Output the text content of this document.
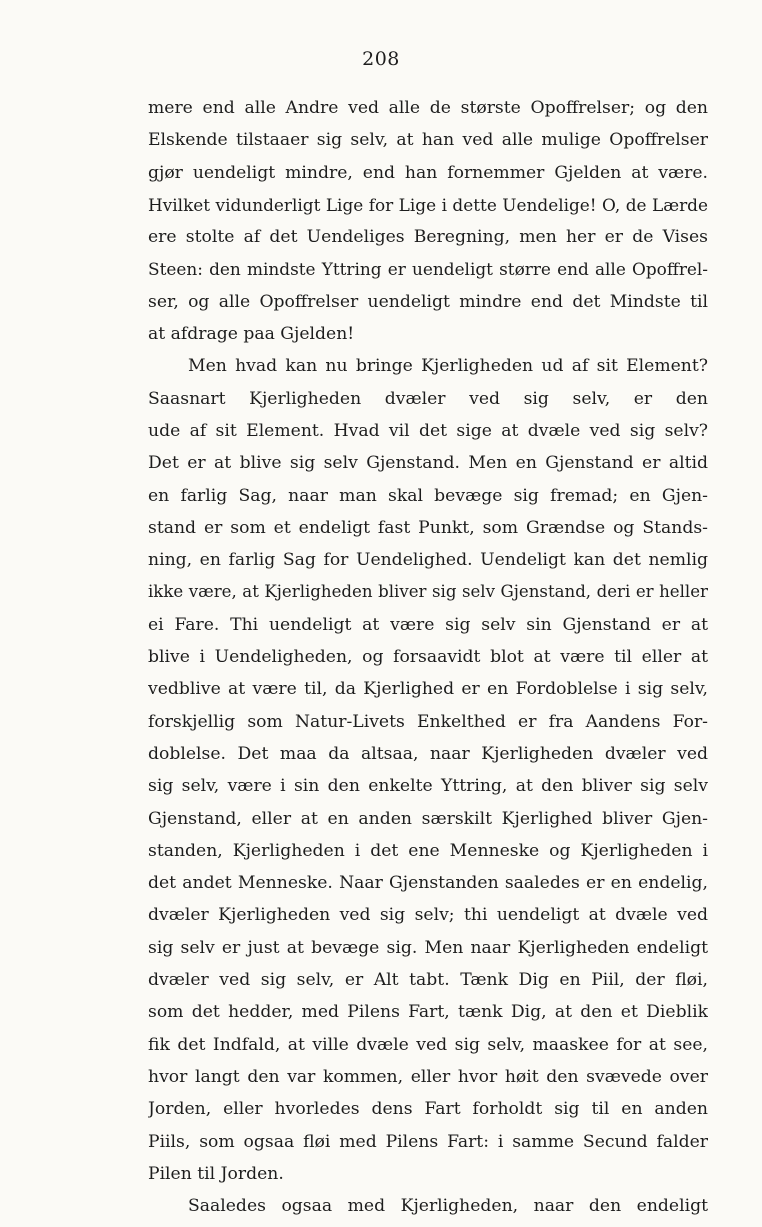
208
mere end alle Andre ved alle de største Opoffrelser; og den
Elskende tilstaaer sig selv, at han ved alle mulige Opoffrelser
gjør uendeligt mindre, end han fornemmer Gjelden at være.
Hvilket vidunderligt Lige for Lige i dette Uendelige! O, de Lærde
ere stolte af det Uendeliges Beregning, men her er de Vises
Steen: den mindste Yttring er uendeligt større end alle Opoffrel-
ser, og alle Opoffrelser uendeligt mindre end det Mindste til
at afdrage paa Gjelden!
Men hvad kan nu bringe Kjerligheden ud af sit Element?
Saasnart Kjerligheden dvæler ved sig selv, er den
ude af sit Element. Hvad vil det sige at dvæle ved sig selv?
Det er at blive sig selv Gjenstand. Men en Gjenstand er altid
en farlig Sag, naar man skal bevæge sig fremad; en Gjen-
stand er som et endeligt fast Punkt, som Grændse og Stands-
ning, en farlig Sag for Uendelighed. Uendeligt kan det nemlig
ikke være, at Kjerligheden bliver sig selv Gjenstand, deri er heller
ei Fare. Thi uendeligt at være sig selv sin Gjenstand er at
blive i Uendeligheden, og forsaavidt blot at være til eller at
vedblive at være til, da Kjerlighed er en Fordoblelse i sig selv,
forskjellig som Natur-Livets Enkelthed er fra Aandens For-
doblelse. Det maa da altsaa, naar Kjerligheden dvæler ved
sig selv, være i sin den enkelte Yttring, at den bliver sig selv
Gjenstand, eller at en anden særskilt Kjerlighed bliver Gjen-
standen, Kjerligheden i det ene Menneske og Kjerligheden i
det andet Menneske. Naar Gjenstanden saaledes er en endelig,
dvæler Kjerligheden ved sig selv; thi uendeligt at dvæle ved
sig selv er just at bevæge sig. Men naar Kjerligheden endeligt
dvæler ved sig selv, er Alt tabt. Tænk Dig en Piil, der fløi,
som det hedder, med Pilens Fart, tænk Dig, at den et Dieblik
fik det Indfald, at ville dvæle ved sig selv, maaskee for at see,
hvor langt den var kommen, eller hvor høit den svævede over
Jorden, eller hvorledes dens Fart forholdt sig til en anden
Piils, som ogsaa fløi med Pilens Fart: i samme Secund falder
Pilen til Jorden.
Saaledes ogsaa med Kjerligheden, naar den endeligt
